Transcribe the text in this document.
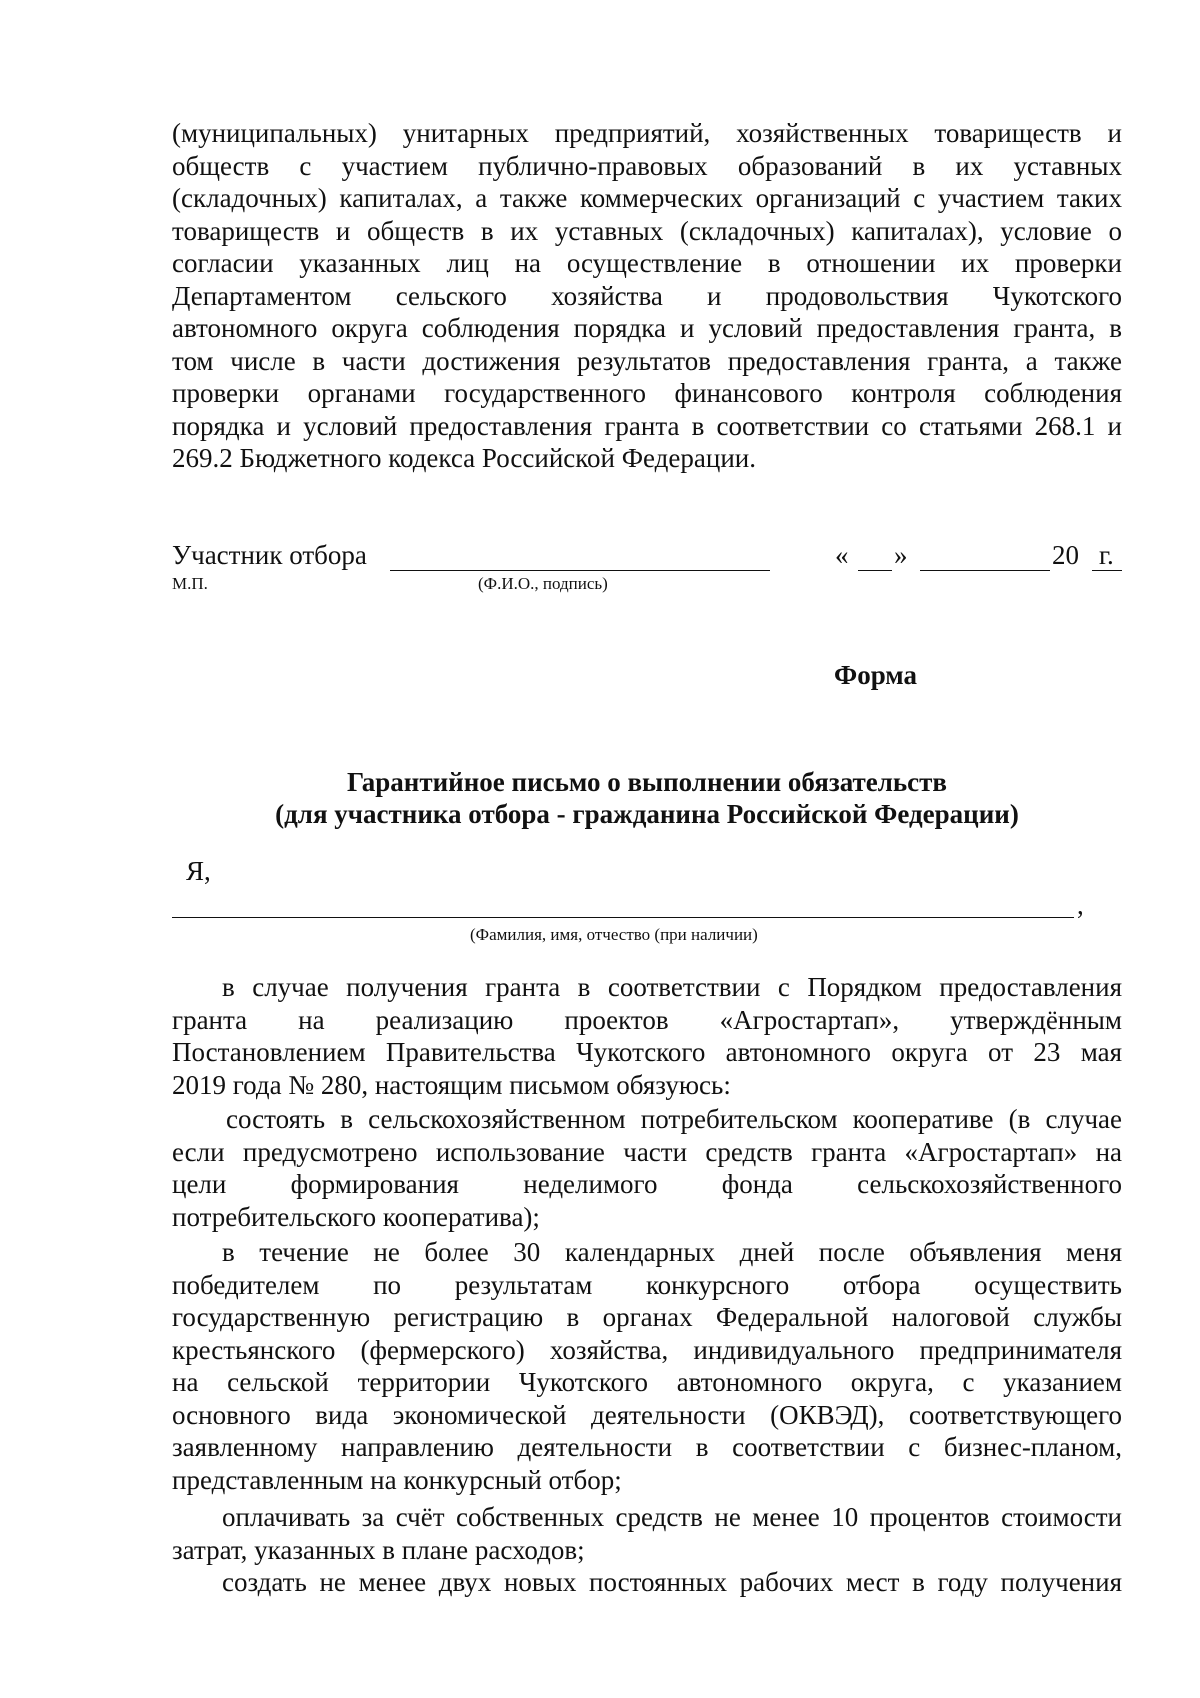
(муниципальных) унитарных предприятий, хозяйственных товариществ и
обществ с участием публично-правовых образований в их уставных
(складочных) капиталах, а также коммерческих организаций с участием таких
товариществ и обществ в их уставных (складочных) капиталах), условие о
согласии указанных лиц на осуществление в отношении их проверки
Департаментом сельского хозяйства и продовольствия Чукотского
автономного округа соблюдения порядка и условий предоставления гранта, в
том числе в части достижения результатов предоставления гранта, а также
проверки органами государственного финансового контроля соблюдения
порядка и условий предоставления гранта в соответствии со статьями 268.1 и
269.2 Бюджетного кодекса Российской Федерации.
Участник отбора	« »	20 г.
М.П.	(Ф.И.О., подпись)
Форма
Гарантийное письмо о выполнении обязательств
(для участника отбора - гражданина Российской Федерации)
Я,
,
(Фамилия, имя, отчество (при наличии)
в случае получения гранта в соответствии с Порядком предоставления
гранта на реализацию проектов «Агростартап», утверждённым
Постановлением Правительства Чукотского автономного округа от 23 мая
2019 года № 280, настоящим письмом обязуюсь:
состоять в сельскохозяйственном потребительском кооперативе (в случае
если предусмотрено использование части средств гранта «Агростартап» на
цели формирования неделимого фонда сельскохозяйственного
потребительского кооператива);
в течение не более 30 календарных дней после объявления меня
победителем по результатам конкурсного отбора осуществить
государственную регистрацию в органах Федеральной налоговой службы
крестьянского (фермерского) хозяйства, индивидуального предпринимателя
на сельской территории Чукотского автономного округа, с указанием
основного вида экономической деятельности (ОКВЭД), соответствующего
заявленному направлению деятельности в соответствии с бизнес-планом,
представленным на конкурсный отбор;
оплачивать за счёт собственных средств не менее 10 процентов стоимости
затрат, указанных в плане расходов;
создать не менее двух новых постоянных рабочих мест в году получения
